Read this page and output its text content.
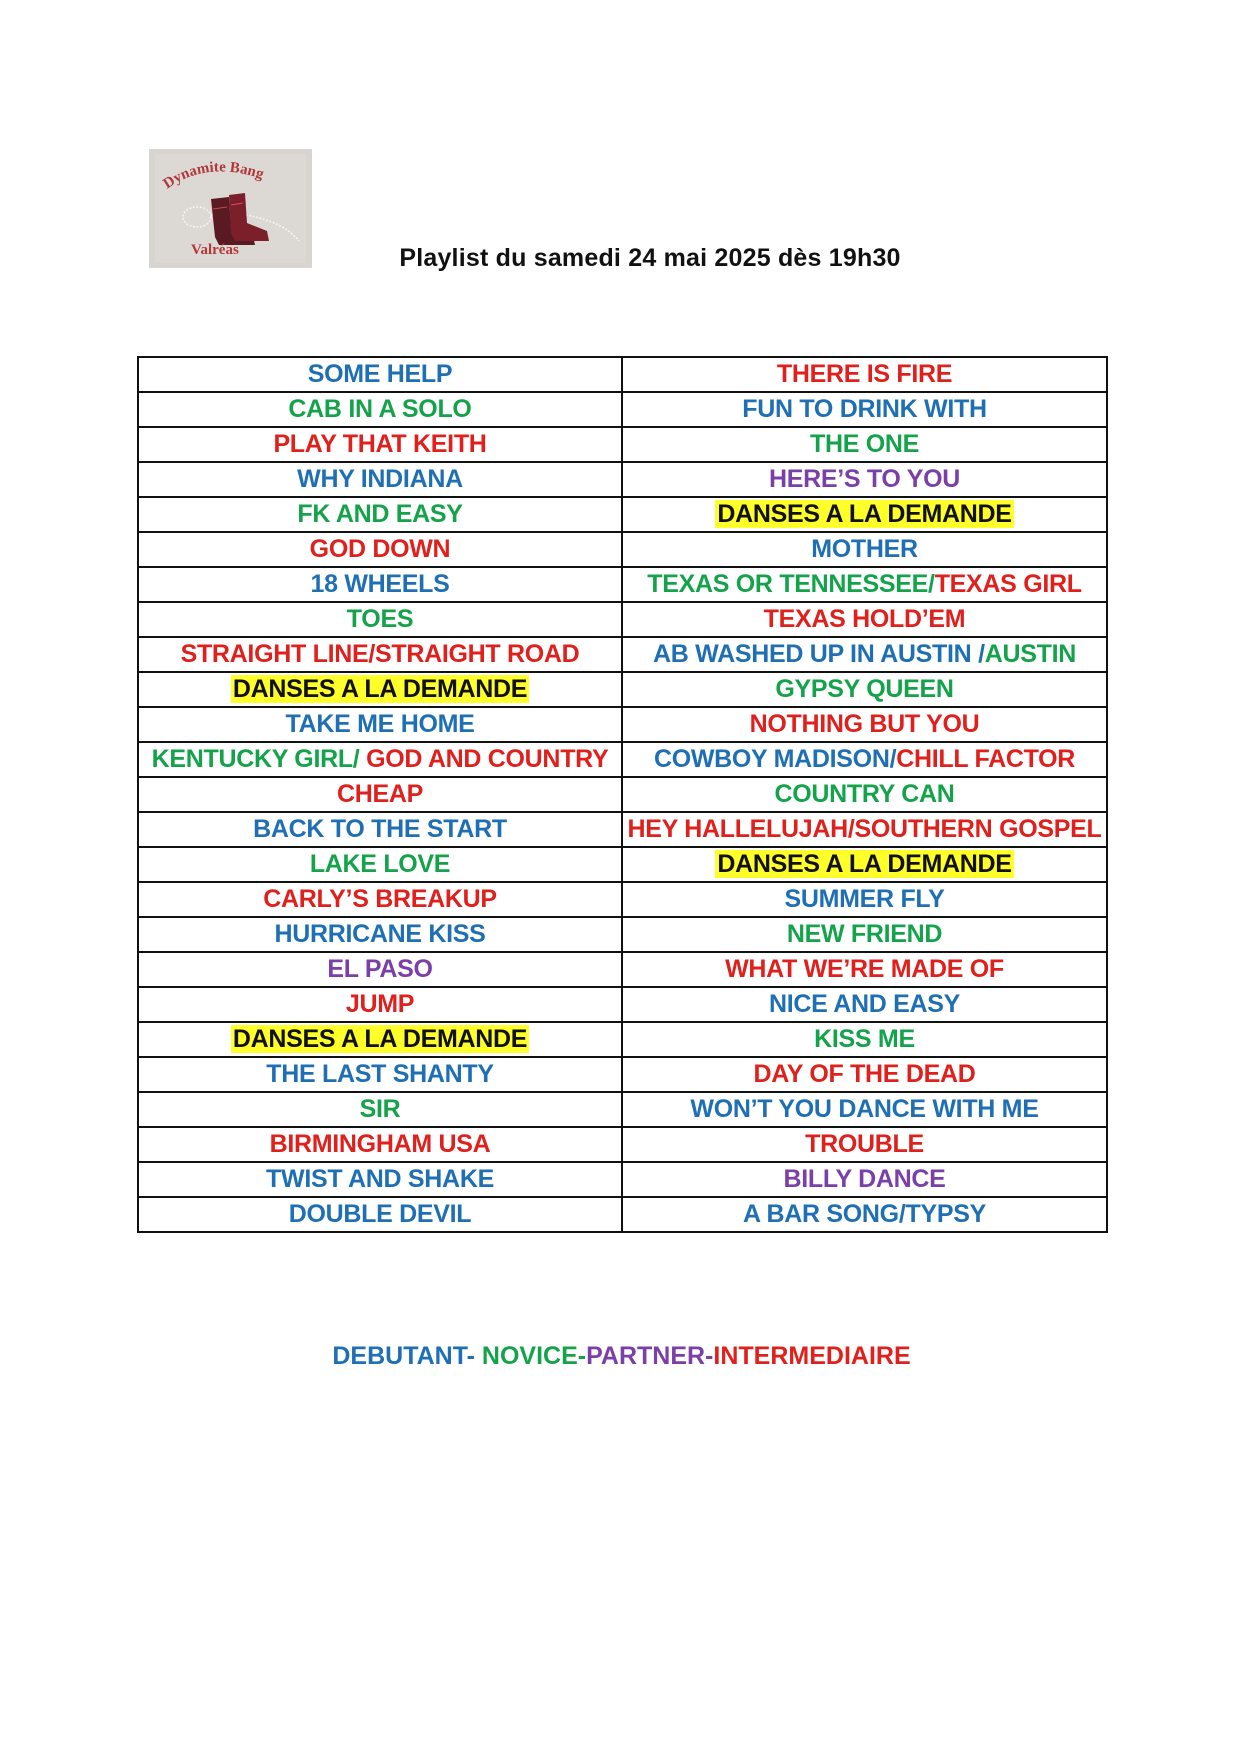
Dynamite Bang
Valréas	Playlist du samedi 24 mai 2025 dès 19h30
SOME HELP	THERE IS FIRE
CAB IN A SOLO	FUN TO DRINK WITH
PLAY THAT KEITH	THE ONE
WHY INDIANA	HERE’S TO YOU
FK AND EASY	DANSES A LA DEMANDE
GOD DOWN	MOTHER
18 WHEELS	TEXAS OR TENNESSEE/TEXAS GIRL
TOES	TEXAS HOLD’EM
STRAIGHT LINE/STRAIGHT ROAD	AB WASHED UP IN AUSTIN /AUSTIN
DANSES A LA DEMANDE	GYPSY QUEEN
TAKE ME HOME	NOTHING BUT YOU
KENTUCKY GIRL/ GOD AND COUNTRY	COWBOY MADISON/CHILL FACTOR
CHEAP	COUNTRY CAN
BACK TO THE START	HEY HALLELUJAH/SOUTHERN GOSPEL
LAKE LOVE	DANSES A LA DEMANDE
CARLY’S BREAKUP	SUMMER FLY
HURRICANE KISS	NEW FRIEND
EL PASO	WHAT WE’RE MADE OF
JUMP	NICE AND EASY
DANSES A LA DEMANDE	KISS ME
THE LAST SHANTY	DAY OF THE DEAD
SIR	WON’T YOU DANCE WITH ME
BIRMINGHAM USA	TROUBLE
TWIST AND SHAKE	BILLY DANCE
DOUBLE DEVIL	A BAR SONG/TYPSY
DEBUTANT- NOVICE-PARTNER-INTERMEDIAIRE
